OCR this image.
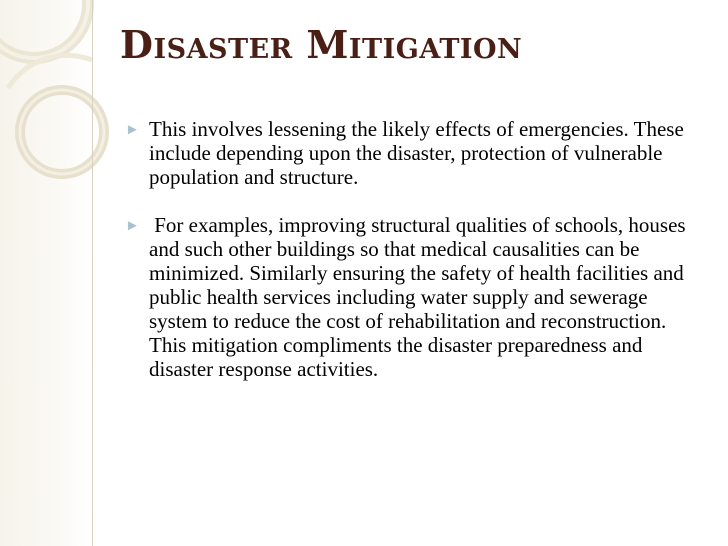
Disaster Mitigation
► This involves lessening the likely effects of emergencies. These include depending upon the disaster, protection of vulnerable population and structure.
► For examples, improving structural qualities of schools, houses and such other buildings so that medical causalities can be minimized. Similarly ensuring the safety of health facilities and public health services including water supply and sewerage system to reduce the cost of rehabilitation and reconstruction. This mitigation compliments the disaster preparedness and disaster response activities.
